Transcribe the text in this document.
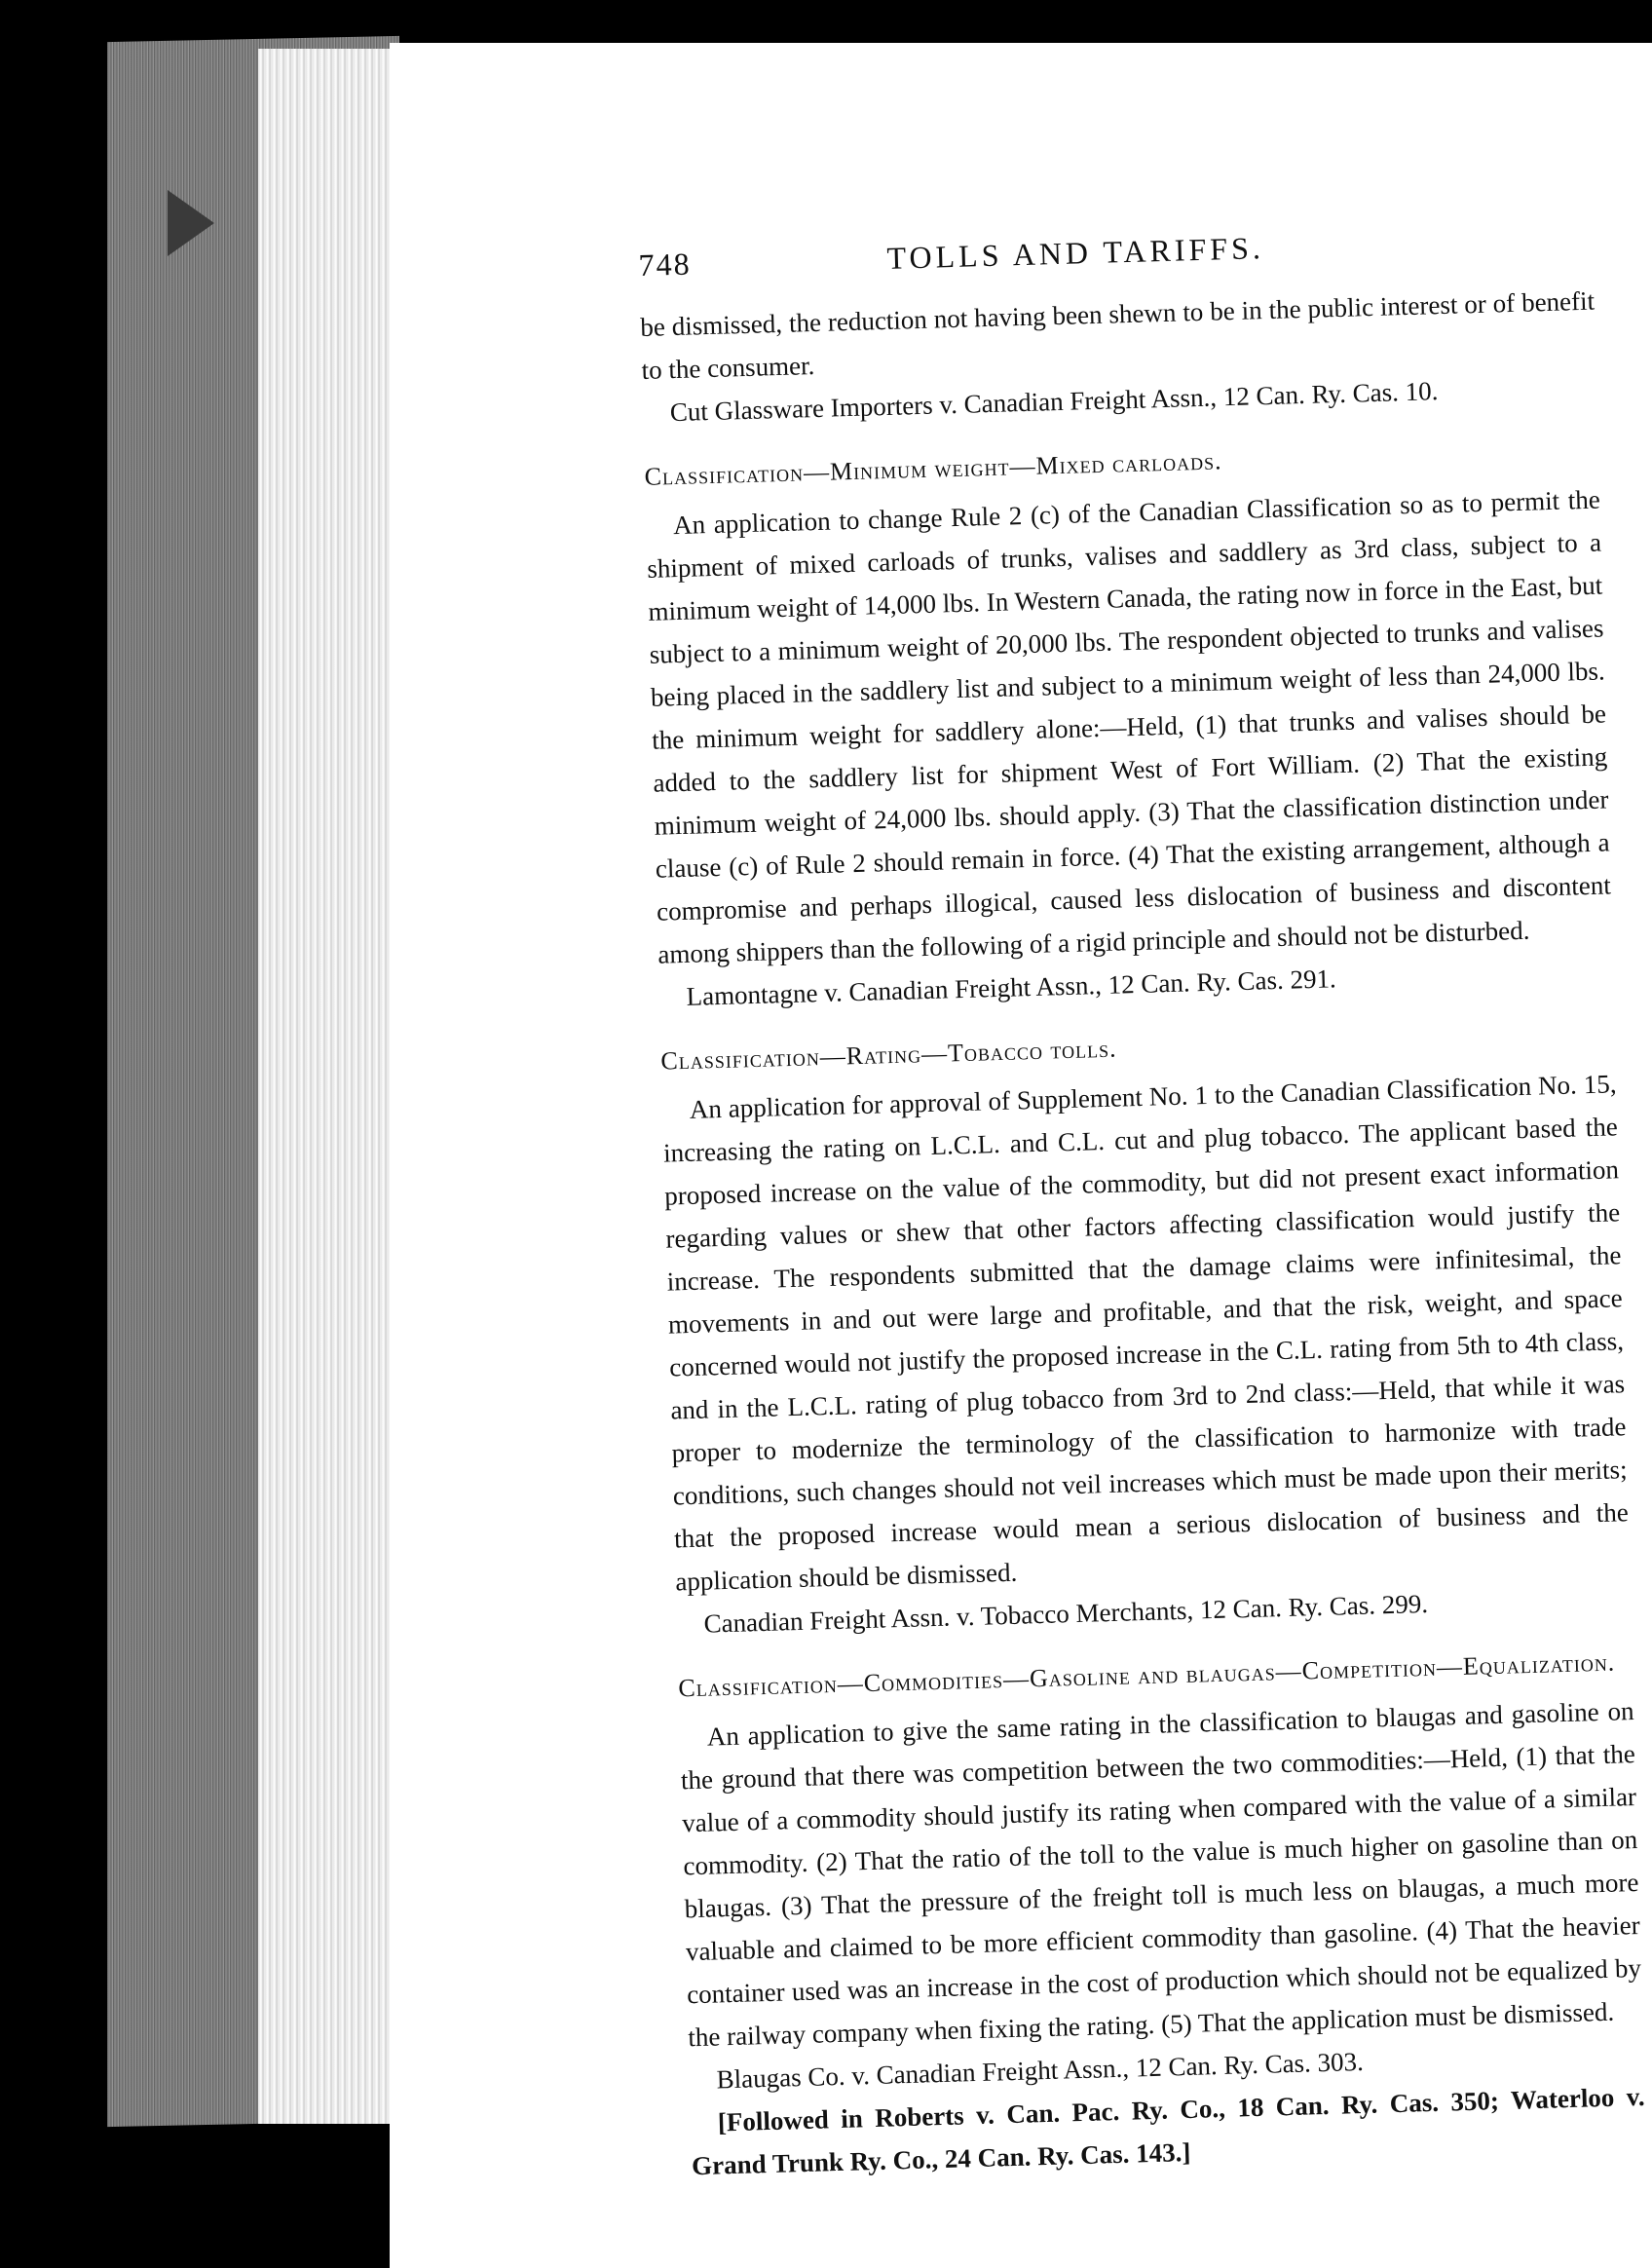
748	TOLLS AND TARIFFS.

be dismissed, the reduction not having been shewn to be in the public interest or of benefit to the consumer.

Cut Glassware Importers v. Canadian Freight Assn., 12 Can. Ry. Cas. 10.

Classification—Minimum weight—Mixed carloads.

An application to change Rule 2 (c) of the Canadian Classification so as to permit the shipment of mixed carloads of trunks, valises and saddlery as 3rd class, subject to a minimum weight of 14,000 lbs. In Western Canada, the rating now in force in the East, but subject to a minimum weight of 20,000 lbs. The respondent objected to trunks and valises being placed in the saddlery list and subject to a minimum weight of less than 24,000 lbs. the minimum weight for saddlery alone:—Held, (1) that trunks and valises should be added to the saddlery list for shipment West of Fort William. (2) That the existing minimum weight of 24,000 lbs. should apply. (3) That the classification distinction under clause (c) of Rule 2 should remain in force. (4) That the existing arrangement, although a compromise and perhaps illogical, caused less dislocation of business and discontent among shippers than the following of a rigid principle and should not be disturbed.

Lamontagne v. Canadian Freight Assn., 12 Can. Ry. Cas. 291.

Classification—Rating—Tobacco tolls.

An application for approval of Supplement No. 1 to the Canadian Classification No. 15, increasing the rating on L.C.L. and C.L. cut and plug tobacco. The applicant based the proposed increase on the value of the commodity, but did not present exact information regarding values or shew that other factors affecting classification would justify the increase. The respondents submitted that the damage claims were infinitesimal, the movements in and out were large and profitable, and that the risk, weight, and space concerned would not justify the proposed increase in the C.L. rating from 5th to 4th class, and in the L.C.L. rating of plug tobacco from 3rd to 2nd class:—Held, that while it was proper to modernize the terminology of the classification to harmonize with trade conditions, such changes should not veil increases which must be made upon their merits; that the proposed increase would mean a serious dislocation of business and the application should be dismissed.

Canadian Freight Assn. v. Tobacco Merchants, 12 Can. Ry. Cas. 299.

Classification—Commodities—Gasoline and blaugas—Competition—Equalization.

An application to give the same rating in the classification to blaugas and gasoline on the ground that there was competition between the two commodities:—Held, (1) that the value of a commodity should justify its rating when compared with the value of a similar commodity. (2) That the ratio of the toll to the value is much higher on gasoline than on blaugas. (3) That the pressure of the freight toll is much less on blaugas, a much more valuable and claimed to be more efficient commodity than gasoline. (4) That the heavier container used was an increase in the cost of production which should not be equalized by the railway company when fixing the rating. (5) That the application must be dismissed.

Blaugas Co. v. Canadian Freight Assn., 12 Can. Ry. Cas. 303.

[Followed in Roberts v. Can. Pac. Ry. Co., 18 Can. Ry. Cas. 350; Waterloo v. Grand Trunk Ry. Co., 24 Can. Ry. Cas. 143.]
